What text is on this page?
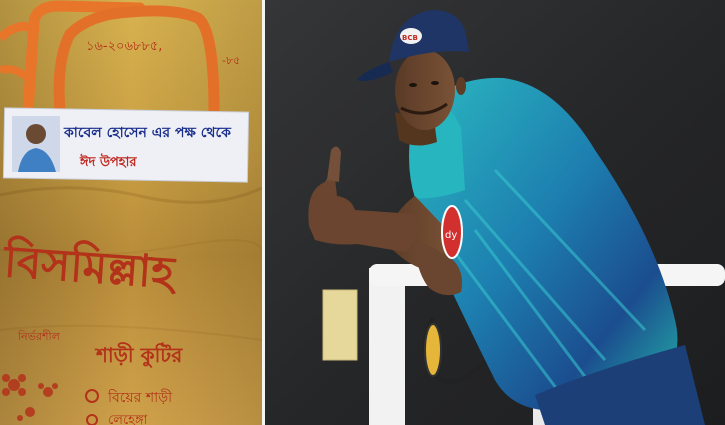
১৬-২০৬৮৮৫,
-৮৫
কাবেল হোসেন এর পক্ষ থেকে
ঈদ উপহার
বিসমিল্লাহ
নির্ভরশীল
শাড়ী কুটির
বিয়ের শাড়ী
লেহেঙ্গা
dy
BCB
